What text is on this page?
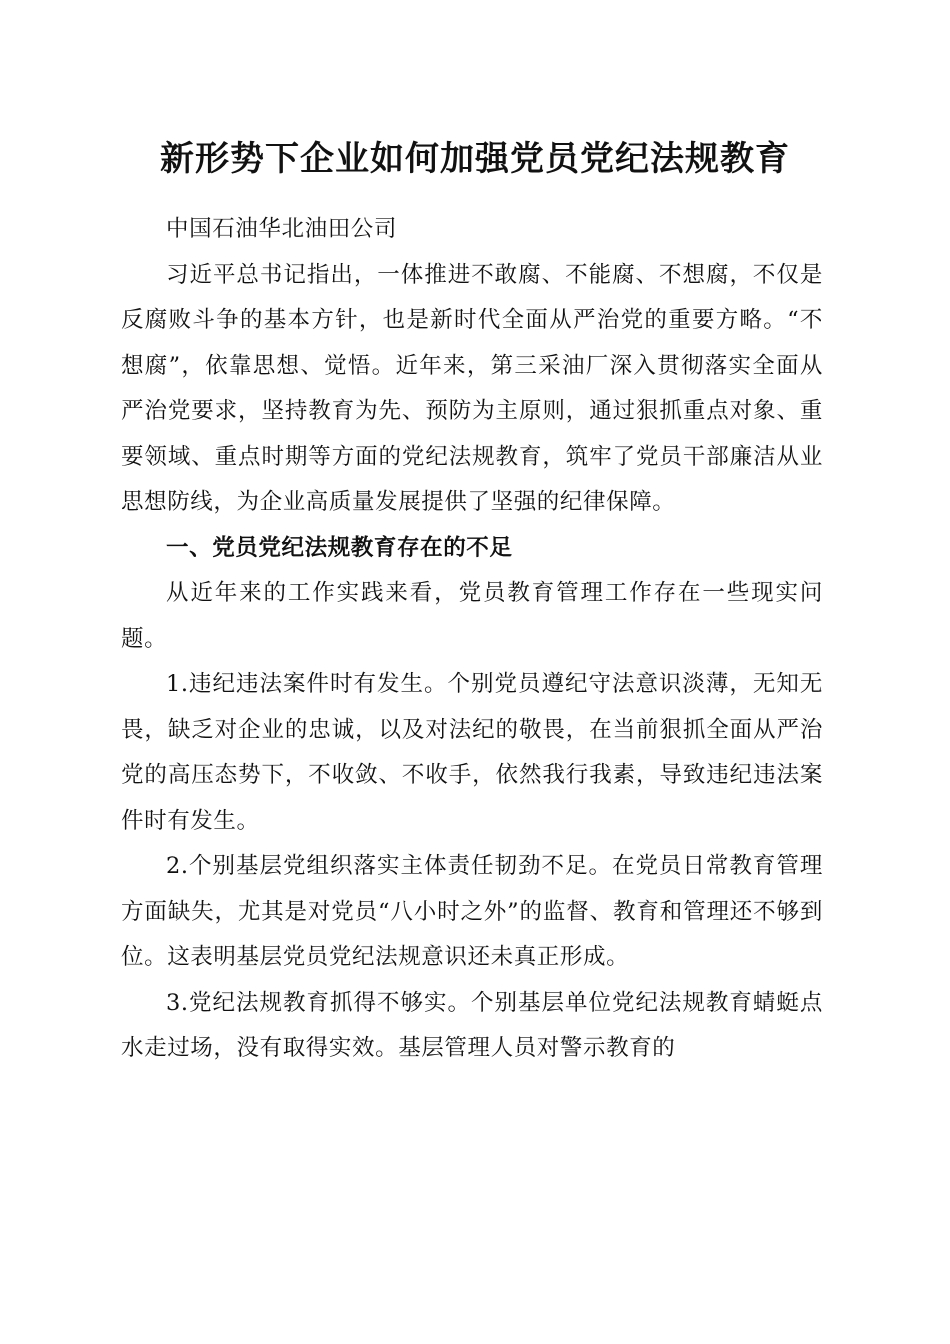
新形势下企业如何加强党员党纪法规教育

中国石油华北油田公司

习近平总书记指出，一体推进不敢腐、不能腐、不想腐，不仅是反腐败斗争的基本方针，也是新时代全面从严治党的重要方略。“不想腐”，依靠思想、觉悟。近年来，第三采油厂深入贯彻落实全面从严治党要求，坚持教育为先、预防为主原则，通过狠抓重点对象、重要领域、重点时期等方面的党纪法规教育，筑牢了党员干部廉洁从业思想防线，为企业高质量发展提供了坚强的纪律保障。

一、党员党纪法规教育存在的不足

从近年来的工作实践来看，党员教育管理工作存在一些现实问题。

1.违纪违法案件时有发生。个别党员遵纪守法意识淡薄，无知无畏，缺乏对企业的忠诚，以及对法纪的敬畏，在当前狠抓全面从严治党的高压态势下，不收敛、不收手，依然我行我素，导致违纪违法案件时有发生。

2.个别基层党组织落实主体责任韧劲不足。在党员日常教育管理方面缺失，尤其是对党员“八小时之外”的监督、教育和管理还不够到位。这表明基层党员党纪法规意识还未真正形成。

3.党纪法规教育抓得不够实。个别基层单位党纪法规教育蜻蜓点水走过场，没有取得实效。基层管理人员对警示教育的
